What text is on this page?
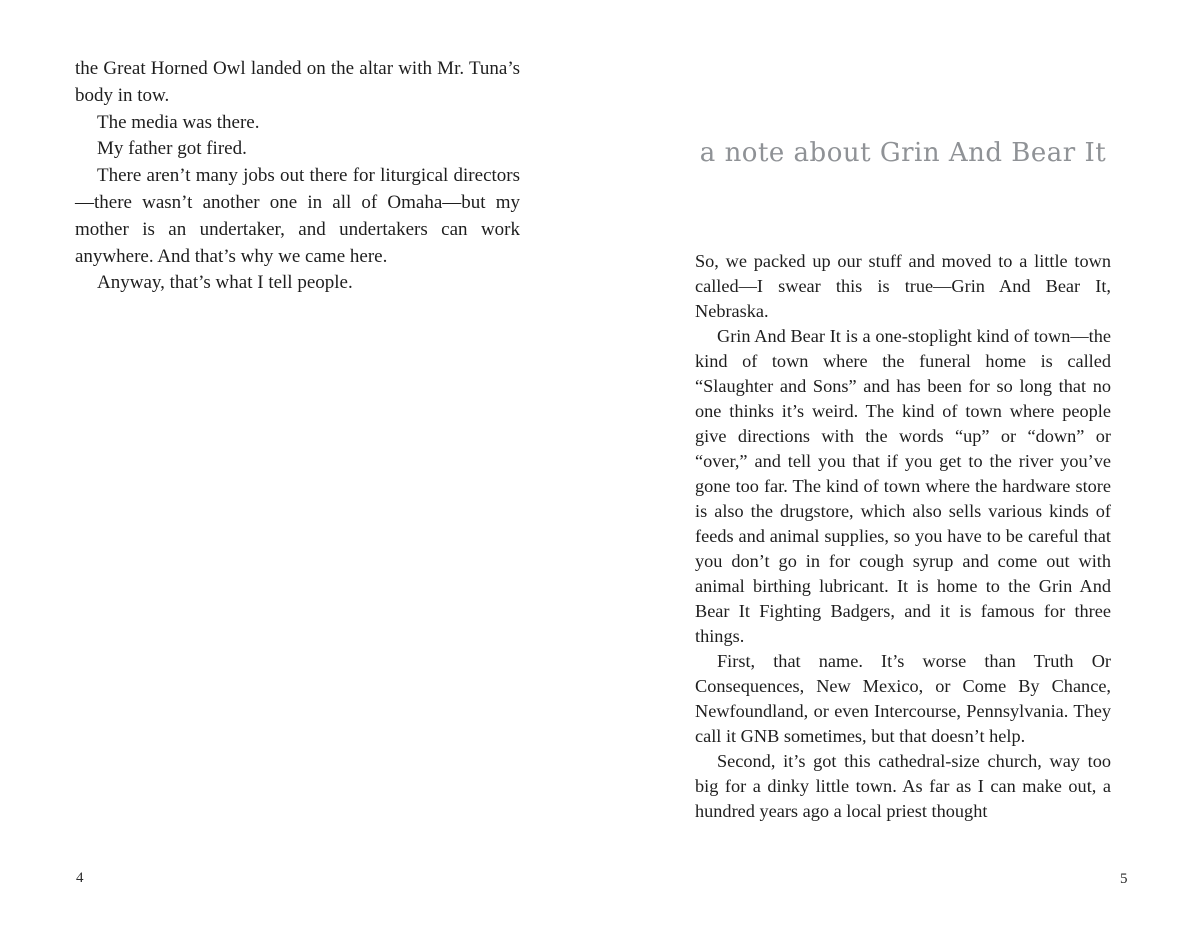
the Great Horned Owl landed on the altar with Mr. Tuna’s body in tow.

The media was there.

My father got fired.

There aren’t many jobs out there for liturgical directors—there wasn’t another one in all of Omaha—but my mother is an undertaker, and undertakers can work anywhere. And that’s why we came here.

Anyway, that’s what I tell people.

4
a note about Grin And Bear It

So, we packed up our stuff and moved to a little town called—I swear this is true—Grin And Bear It, Nebraska.

Grin And Bear It is a one-stoplight kind of town—the kind of town where the funeral home is called “Slaughter and Sons” and has been for so long that no one thinks it’s weird. The kind of town where people give directions with the words “up” or “down” or “over,” and tell you that if you get to the river you’ve gone too far. The kind of town where the hardware store is also the drugstore, which also sells various kinds of feeds and animal supplies, so you have to be careful that you don’t go in for cough syrup and come out with animal birthing lubricant. It is home to the Grin And Bear It Fighting Badgers, and it is famous for three things.

First, that name. It’s worse than Truth Or Consequences, New Mexico, or Come By Chance, Newfoundland, or even Intercourse, Pennsylvania. They call it GNB sometimes, but that doesn’t help.

Second, it’s got this cathedral-size church, way too big for a dinky little town. As far as I can make out, a hundred years ago a local priest thought

5
